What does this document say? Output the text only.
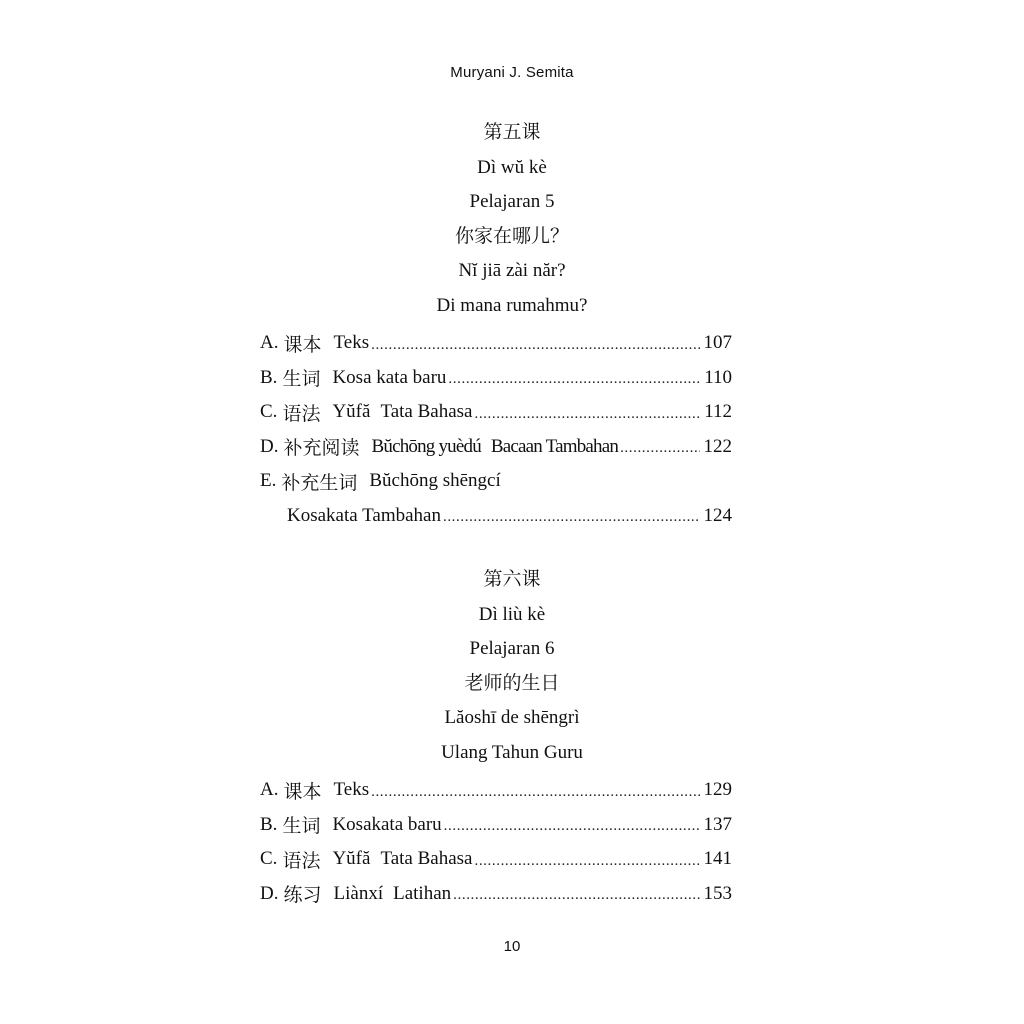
Muryani J. Semita
第五课
Dì wŭ kè
Pelajaran 5
你家在哪儿？
Nĭ jiā zài năr?
Di mana rumahmu?
A. 课本 Teks .....	107
B. 生词 Kosa kata baru .....	110
C. 语法 Yŭfă Tata Bahasa .....	112
D. 补充阅读 Bŭchōng yuèdú Bacaan Tambahan .....	122
E. 补充生词 Bŭchōng shēngcí
Kosakata Tambahan .....	124
第六课
Dì liù kè
Pelajaran 6
老师的生日
Lăoshī de shēngrì
Ulang Tahun Guru
A. 课本 Teks .....	129
B. 生词 Kosakata baru .....	137
C. 语法 Yŭfă Tata Bahasa .....	141
D. 练习 Liànxí Latihan .....	153
10
